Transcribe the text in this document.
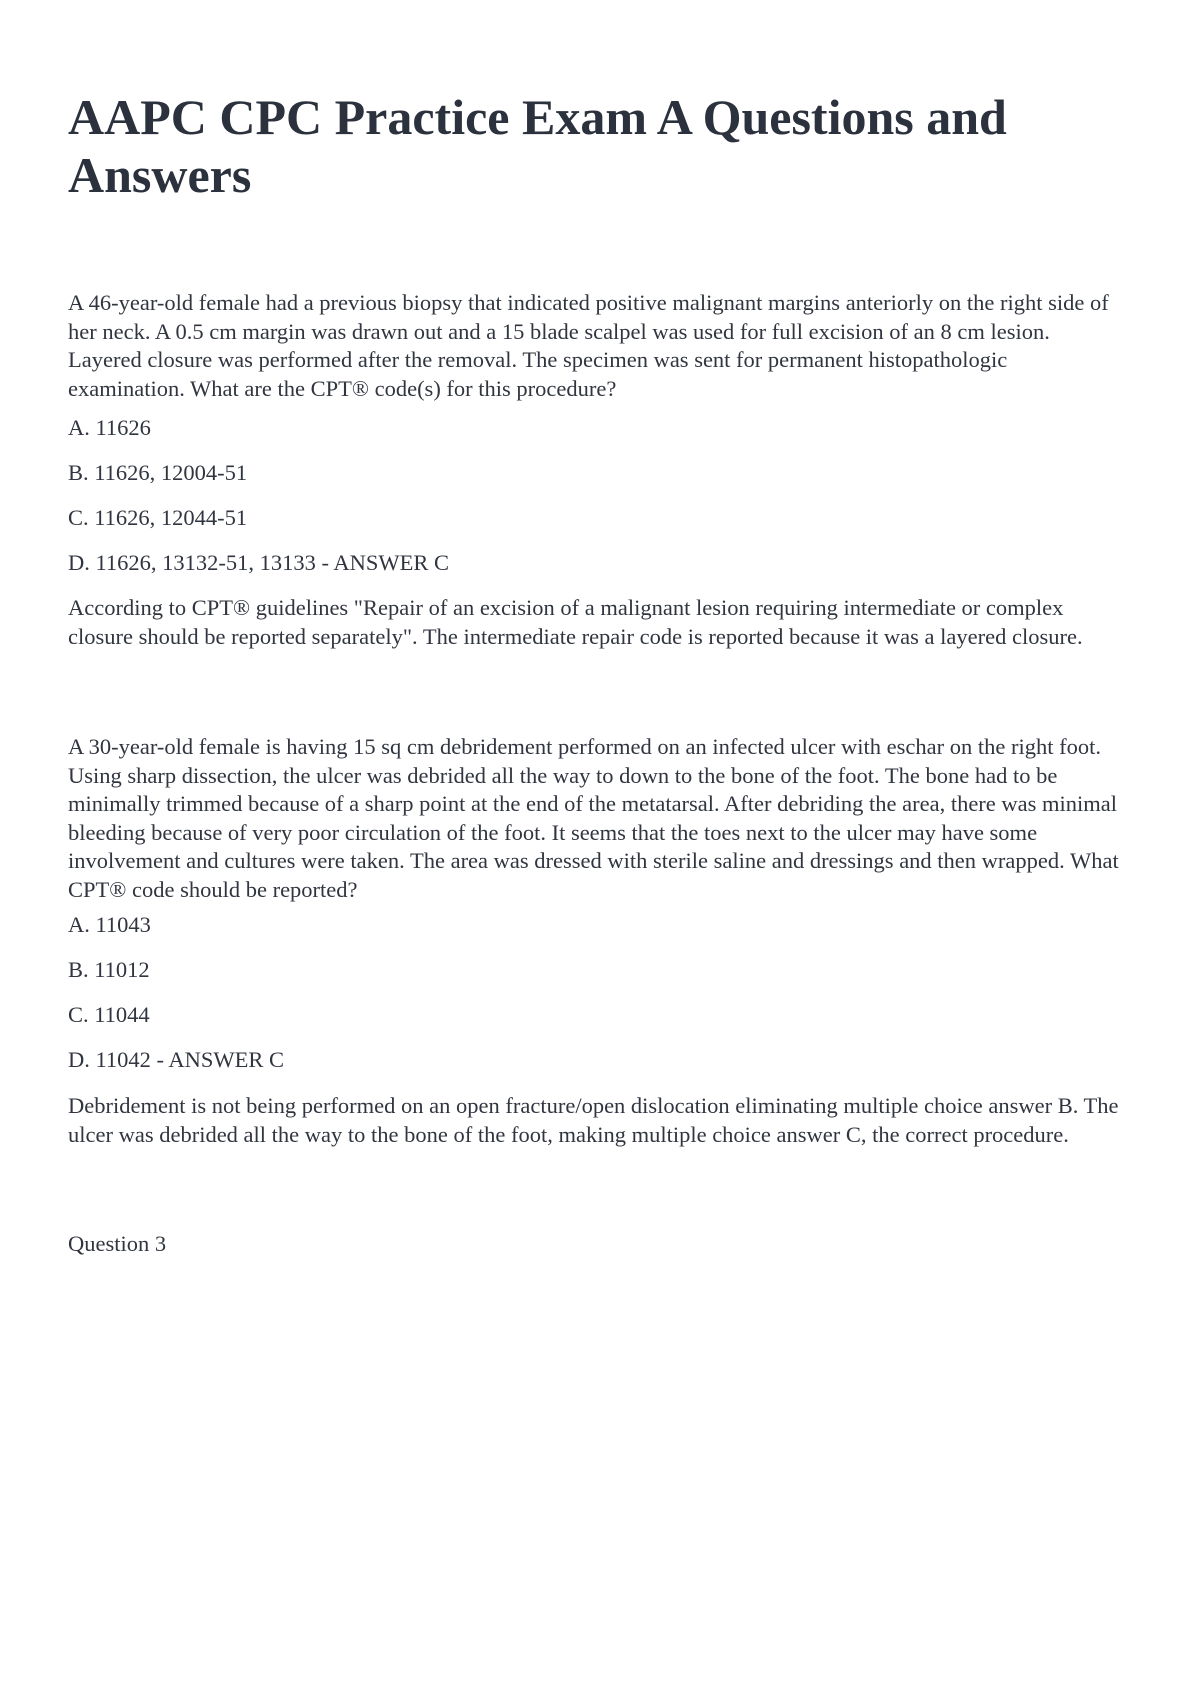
AAPC CPC Practice Exam A Questions and Answers

A 46-year-old female had a previous biopsy that indicated positive malignant margins anteriorly on the right side of her neck. A 0.5 cm margin was drawn out and a 15 blade scalpel was used for full excision of an 8 cm lesion. Layered closure was performed after the removal. The specimen was sent for permanent histopathologic examination. What are the CPT® code(s) for this procedure?

A. 11626

B. 11626, 12004-51

C. 11626, 12044-51

D. 11626, 13132-51, 13133 - ANSWER C

According to CPT® guidelines "Repair of an excision of a malignant lesion requiring intermediate or complex closure should be reported separately". The intermediate repair code is reported because it was a layered closure.

A 30-year-old female is having 15 sq cm debridement performed on an infected ulcer with eschar on the right foot. Using sharp dissection, the ulcer was debrided all the way to down to the bone of the foot. The bone had to be minimally trimmed because of a sharp point at the end of the metatarsal. After debriding the area, there was minimal bleeding because of very poor circulation of the foot. It seems that the toes next to the ulcer may have some involvement and cultures were taken. The area was dressed with sterile saline and dressings and then wrapped. What CPT® code should be reported?

A. 11043

B. 11012

C. 11044

D. 11042 - ANSWER C

Debridement is not being performed on an open fracture/open dislocation eliminating multiple choice answer B. The ulcer was debrided all the way to the bone of the foot, making multiple choice answer C, the correct procedure.

Question 3
